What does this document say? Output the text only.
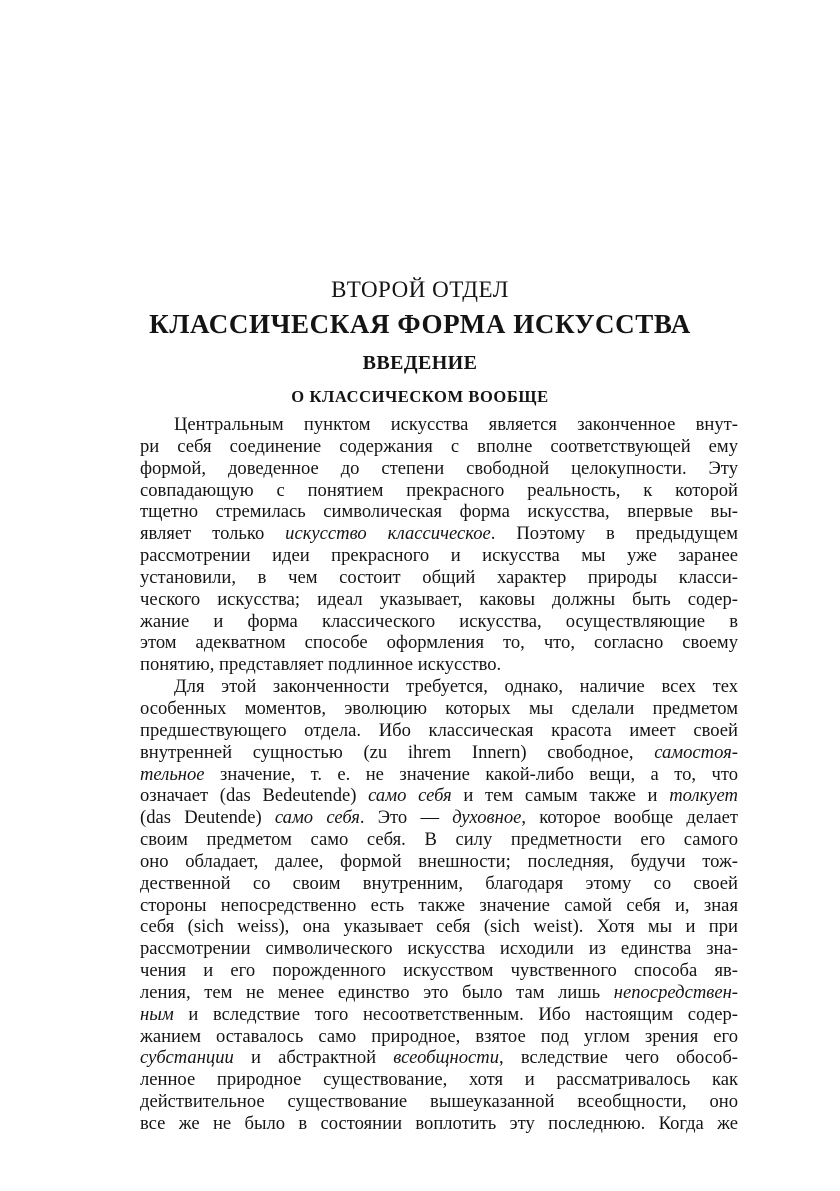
ВТОРОЙ ОТДЕЛ
КЛАССИЧЕСКАЯ ФОРМА ИСКУССТВА
ВВЕДЕНИЕ
О КЛАССИЧЕСКОМ ВООБЩЕ
Центральным пунктом искусства является законченное внут-
ри себя соединение содержания с вполне соответствующей ему
формой, доведенное до степени свободной целокупности. Эту
совпадающую с понятием прекрасного реальность, к которой
тщетно стремилась символическая форма искусства, впервые вы-
являет только искусство классическое. Поэтому в предыдущем
рассмотрении идеи прекрасного и искусства мы уже заранее
установили, в чем состоит общий характер природы класси-
ческого искусства; идеал указывает, каковы должны быть содер-
жание и форма классического искусства, осуществляющие в
этом адекватном способе оформления то, что, согласно своему
понятию, представляет подлинное искусство.
Для этой законченности требуется, однако, наличие всех тех
особенных моментов, эволюцию которых мы сделали предметом
предшествующего отдела. Ибо классическая красота имеет своей
внутренней сущностью (zu ihrem Innern) свободное, самостоя-
тельное значение, т. е. не значение какой-либо вещи, а то, что
означает (das Bedeutende) само себя и тем самым также и толкует
(das Deutende) само себя. Это — духовное, которое вообще делает
своим предметом само себя. В силу предметности его самого
оно обладает, далее, формой внешности; последняя, будучи тож-
дественной со своим внутренним, благодаря этому со своей
стороны непосредственно есть также значение самой себя и, зная
себя (sich weiss), она указывает себя (sich weist). Хотя мы и при
рассмотрении символического искусства исходили из единства зна-
чения и его порожденного искусством чувственного способа яв-
ления, тем не менее единство это было там лишь непосредствен-
ным и вследствие того несоответственным. Ибо настоящим содер-
жанием оставалось само природное, взятое под углом зрения его
субстанции и абстрактной всеобщности, вследствие чего обособ-
ленное природное существование, хотя и рассматривалось как
действительное существование вышеуказанной всеобщности, оно
все же не было в состоянии воплотить эту последнюю. Когда же
